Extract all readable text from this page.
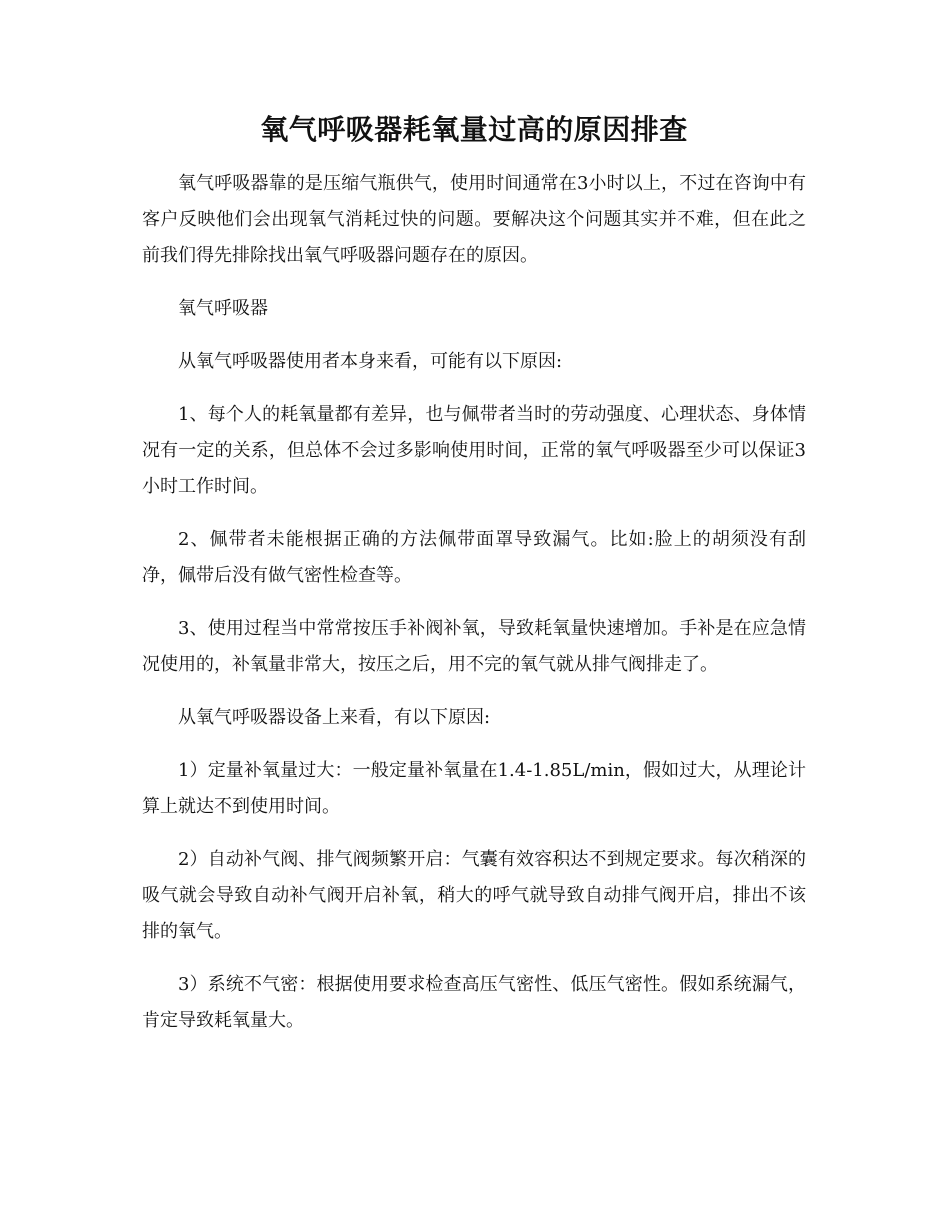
氧气呼吸器耗氧量过高的原因排查

氧气呼吸器靠的是压缩气瓶供气，使用时间通常在3小时以上，不过在咨询中有客户反映他们会出现氧气消耗过快的问题。要解决这个问题其实并不难，但在此之前我们得先排除找出氧气呼吸器问题存在的原因。

氧气呼吸器

从氧气呼吸器使用者本身来看，可能有以下原因:

1、每个人的耗氧量都有差异，也与佩带者当时的劳动强度、心理状态、身体情况有一定的关系，但总体不会过多影响使用时间，正常的氧气呼吸器至少可以保证3小时工作时间。

2、佩带者未能根据正确的方法佩带面罩导致漏气。比如:脸上的胡须没有刮净，佩带后没有做气密性检查等。

3、使用过程当中常常按压手补阀补氧，导致耗氧量快速增加。手补是在应急情况使用的，补氧量非常大，按压之后，用不完的氧气就从排气阀排走了。

从氧气呼吸器设备上来看，有以下原因:

1）定量补氧量过大：一般定量补氧量在1.4-1.85L/min，假如过大，从理论计算上就达不到使用时间。

2）自动补气阀、排气阀频繁开启：气囊有效容积达不到规定要求。每次稍深的吸气就会导致自动补气阀开启补氧，稍大的呼气就导致自动排气阀开启，排出不该排的氧气。

3）系统不气密：根据使用要求检查高压气密性、低压气密性。假如系统漏气，肯定导致耗氧量大。
